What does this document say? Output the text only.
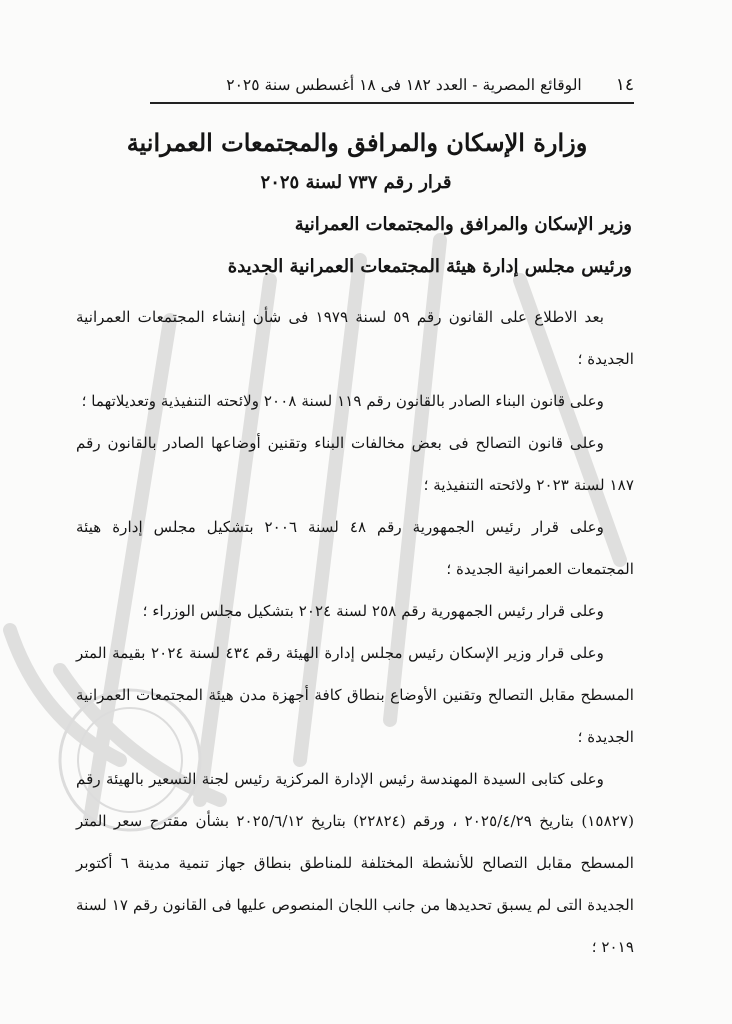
١٤
الوقائع المصرية - العدد ١٨٢ فى ١٨ أغسطس سنة ٢٠٢٥
وزارة الإسكان والمرافق والمجتمعات العمرانية
قرار رقم ٧٣٧ لسنة ٢٠٢٥
وزير الإسكان والمرافق والمجتمعات العمرانية
ورئيس مجلس إدارة هيئة المجتمعات العمرانية الجديدة

بعد الاطلاع على القانون رقم ٥٩ لسنة ١٩٧٩ فى شأن إنشاء المجتمعات العمرانية الجديدة ؛

وعلى قانون البناء الصادر بالقانون رقم ١١٩ لسنة ٢٠٠٨ ولائحته التنفيذية وتعديلاتهما ؛

وعلى قانون التصالح فى بعض مخالفات البناء وتقنين أوضاعها الصادر بالقانون رقم ١٨٧ لسنة ٢٠٢٣ ولائحته التنفيذية ؛

وعلى قرار رئيس الجمهورية رقم ٤٨ لسنة ٢٠٠٦ بتشكيل مجلس إدارة هيئة المجتمعات العمرانية الجديدة ؛

وعلى قرار رئيس الجمهورية رقم ٢٥٨ لسنة ٢٠٢٤ بتشكيل مجلس الوزراء ؛

وعلى قرار وزير الإسكان رئيس مجلس إدارة الهيئة رقم ٤٣٤ لسنة ٢٠٢٤ بقيمة المتر المسطح مقابل التصالح وتقنين الأوضاع بنطاق كافة أجهزة مدن هيئة المجتمعات العمرانية الجديدة ؛

وعلى كتابى السيدة المهندسة رئيس الإدارة المركزية رئيس لجنة التسعير بالهيئة رقم (١٥٨٢٧) بتاريخ ٢٠٢٥/٤/٢٩ ، ورقم (٢٢٨٢٤) بتاريخ ٢٠٢٥/٦/١٢ بشأن مقترح سعر المتر المسطح مقابل التصالح للأنشطة المختلفة للمناطق بنطاق جهاز تنمية مدينة ٦ أكتوبر الجديدة التى لم يسبق تحديدها من جانب اللجان المنصوص عليها فى القانون رقم ١٧ لسنة ٢٠١٩ ؛
